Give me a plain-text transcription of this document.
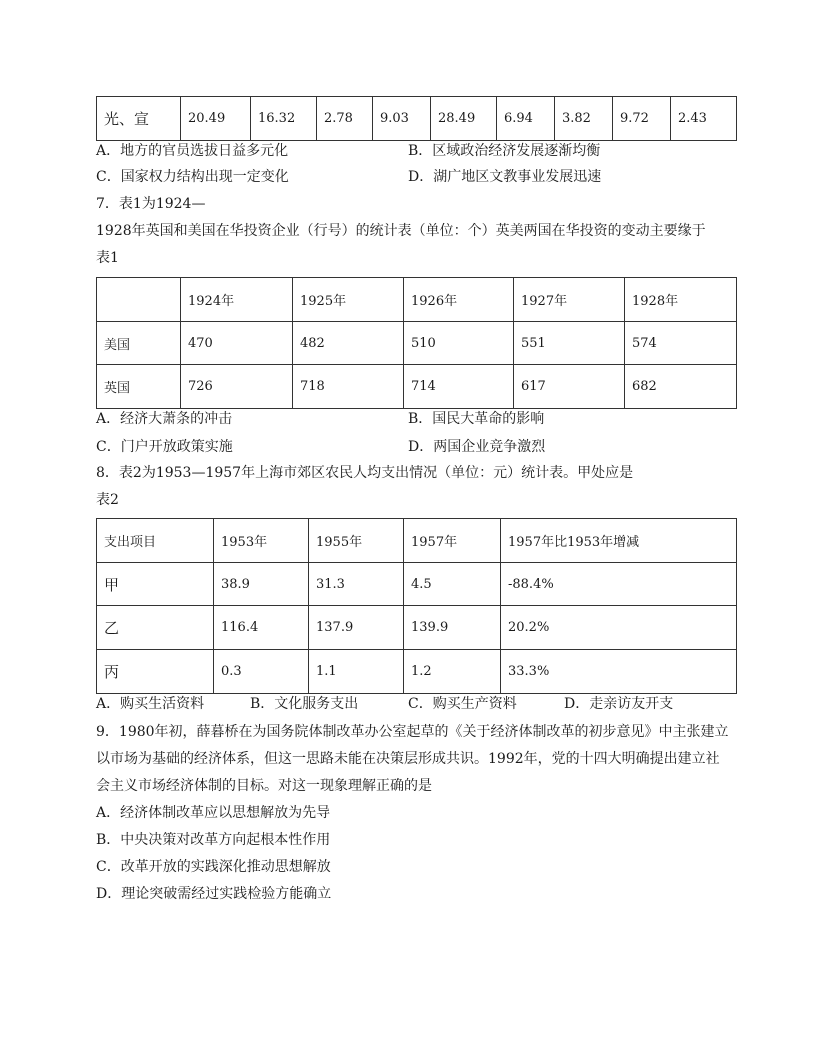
光、宣	20.49	16.32	2.78	9.03	28.49	6.94	3.82	9.72	2.43
A．地方的官员选拔日益多元化	B．区域政治经济发展逐渐均衡
C．国家权力结构出现一定变化	D．湖广地区文教事业发展迅速
7．表1为1924—
1928年英国和美国在华投资企业（行号）的统计表（单位：个）英美两国在华投资的变动主要缘于
表1
	1924年	1925年	1926年	1927年	1928年
美国	470	482	510	551	574
英国	726	718	714	617	682
A．经济大萧条的冲击	B．国民大革命的影响
C．门户开放政策实施	D．两国企业竞争激烈
8．表2为1953—1957年上海市郊区农民人均支出情况（单位：元）统计表。甲处应是
表2
支出项目	1953年	1955年	1957年	1957年比1953年增减
甲	38.9	31.3	4.5	-88.4%
乙	116.4	137.9	139.9	20.2%
丙	0.3	1.1	1.2	33.3%
A．购买生活资料	B．文化服务支出	C．购买生产资料	D．走亲访友开支
9．1980年初，薛暮桥在为国务院体制改革办公室起草的《关于经济体制改革的初步意见》中主张建立
以市场为基础的经济体系，但这一思路未能在决策层形成共识。1992年，党的十四大明确提出建立社
会主义市场经济体制的目标。对这一现象理解正确的是
A．经济体制改革应以思想解放为先导
B．中央决策对改革方向起根本性作用
C．改革开放的实践深化推动思想解放
D．理论突破需经过实践检验方能确立
